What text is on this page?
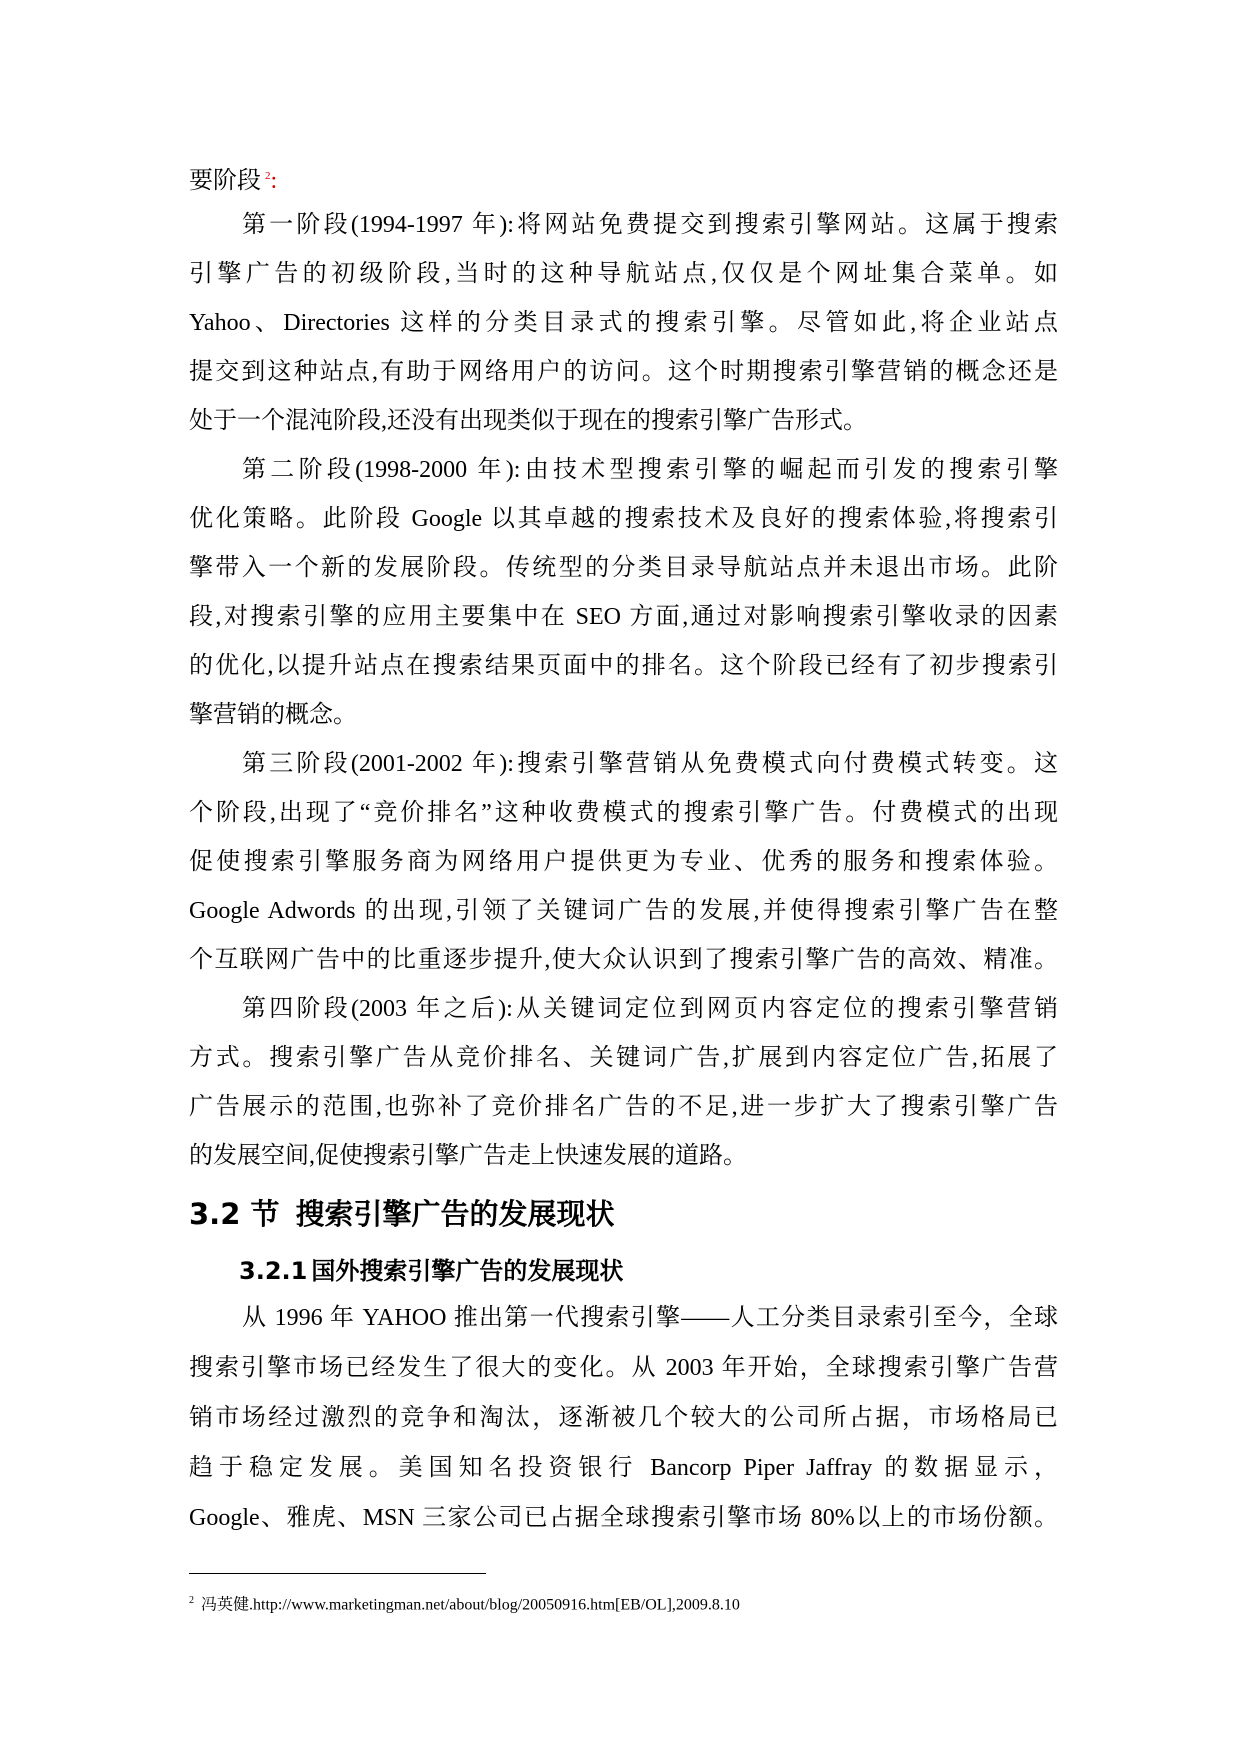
要阶段 $^2$:
第一阶段(1994-1997 年):将网站免费提交到搜索引擎网站。这属于搜索
引擎广告的初级阶段,当时的这种导航站点,仅仅是个网址集合菜单。如
Yahoo、Directories 这样的分类目录式的搜索引擎。尽管如此,将企业站点
提交到这种站点,有助于网络用户的访问。这个时期搜索引擎营销的概念还是
处于一个混沌阶段,还没有出现类似于现在的搜索引擎广告形式。
第二阶段(1998-2000 年):由技术型搜索引擎的崛起而引发的搜索引擎
优化策略。此阶段 Google 以其卓越的搜索技术及良好的搜索体验,将搜索引
擎带入一个新的发展阶段。传统型的分类目录导航站点并未退出市场。此阶
段,对搜索引擎的应用主要集中在 SEO 方面,通过对影响搜索引擎收录的因素
的优化,以提升站点在搜索结果页面中的排名。这个阶段已经有了初步搜索引
擎营销的概念。
第三阶段(2001-2002 年):搜索引擎营销从免费模式向付费模式转变。这
个阶段,出现了“竞价排名”这种收费模式的搜索引擎广告。付费模式的出现
促使搜索引擎服务商为网络用户提供更为专业、优秀的服务和搜索体验。
Google Adwords 的出现,引领了关键词广告的发展,并使得搜索引擎广告在整
个互联网广告中的比重逐步提升,使大众认识到了搜索引擎广告的高效、精准。
第四阶段(2003 年之后):从关键词定位到网页内容定位的搜索引擎营销
方式。搜索引擎广告从竞价排名、关键词广告,扩展到内容定位广告,拓展了
广告展示的范围,也弥补了竞价排名广告的不足,进一步扩大了搜索引擎广告
的发展空间,促使搜索引擎广告走上快速发展的道路。
3.2 节 搜索引擎广告的发展现状
3.2.1 国外搜索引擎广告的发展现状
从 1996 年 YAHOO 推出第一代搜索引擎——人工分类目录索引至今，全球
搜索引擎市场已经发生了很大的变化。从 2003 年开始，全球搜索引擎广告营
销市场经过激烈的竞争和淘汰，逐渐被几个较大的公司所占据，市场格局已
趋于稳定发展。美国知名投资银行 Bancorp Piper Jaffray 的数据显示，
Google、雅虎、MSN 三家公司已占据全球搜索引擎市场 80%以上的市场份额。
$^2$ 冯英健.http://www.marketingman.net/about/blog/20050916.htm[EB/OL],2009.8.10
